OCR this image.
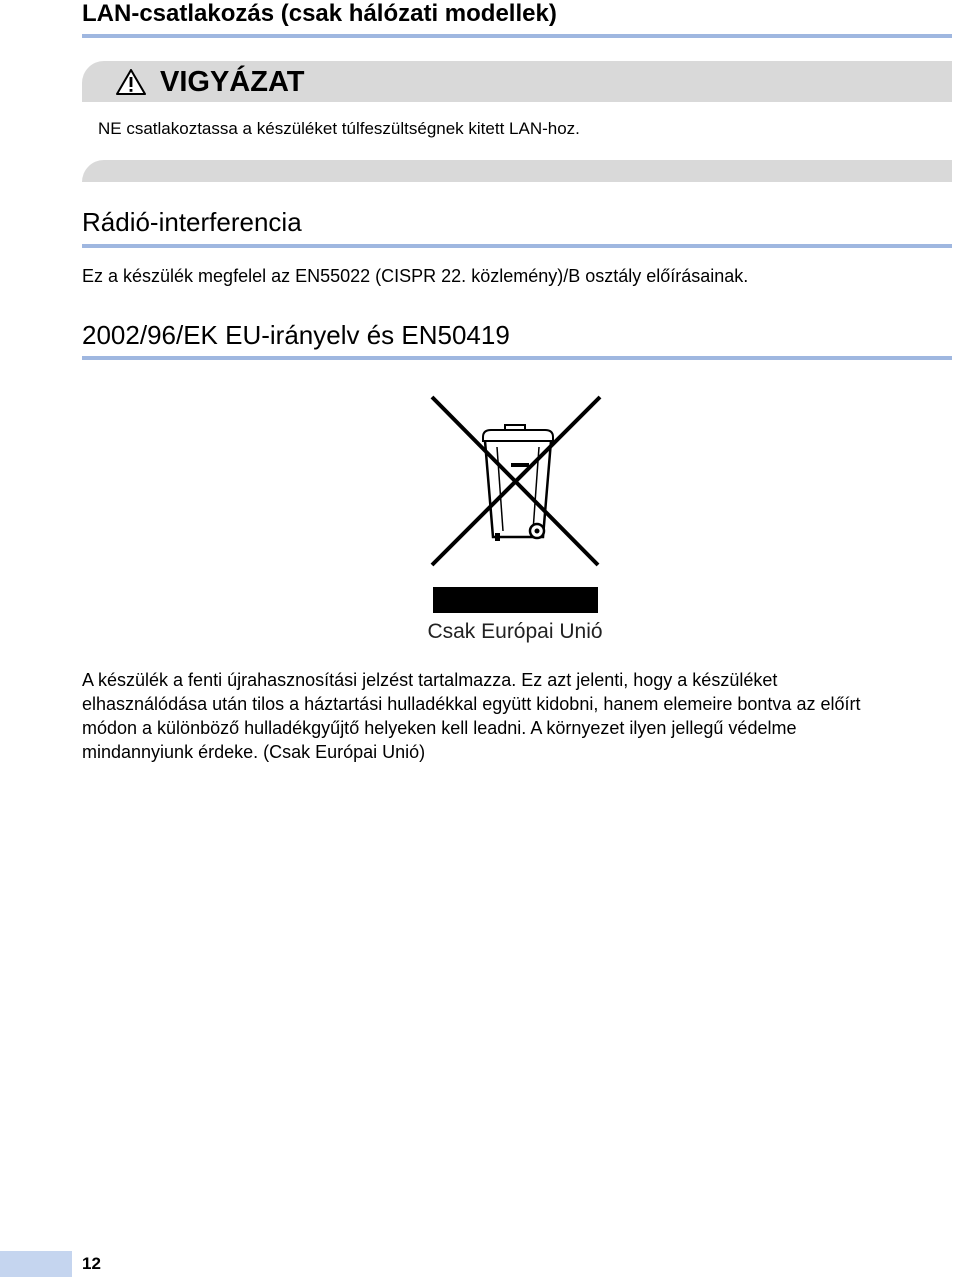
LAN-csatlakozás (csak hálózati modellek)
VIGYÁZAT
NE csatlakoztassa a készüléket túlfeszültségnek kitett LAN-hoz.
Rádió-interferencia
Ez a készülék megfelel az EN55022 (CISPR 22. közlemény)/B osztály előírásainak.
2002/96/EK EU-irányelv és EN50419
Csak Európai Unió
A készülék a fenti újrahasznosítási jelzést tartalmazza. Ez azt jelenti, hogy a készüléket
elhasználódása után tilos a háztartási hulladékkal együtt kidobni, hanem elemeire bontva az előírt
módon a különböző hulladékgyűjtő helyeken kell leadni. A környezet ilyen jellegű védelme
mindannyiunk érdeke. (Csak Európai Unió)
12
